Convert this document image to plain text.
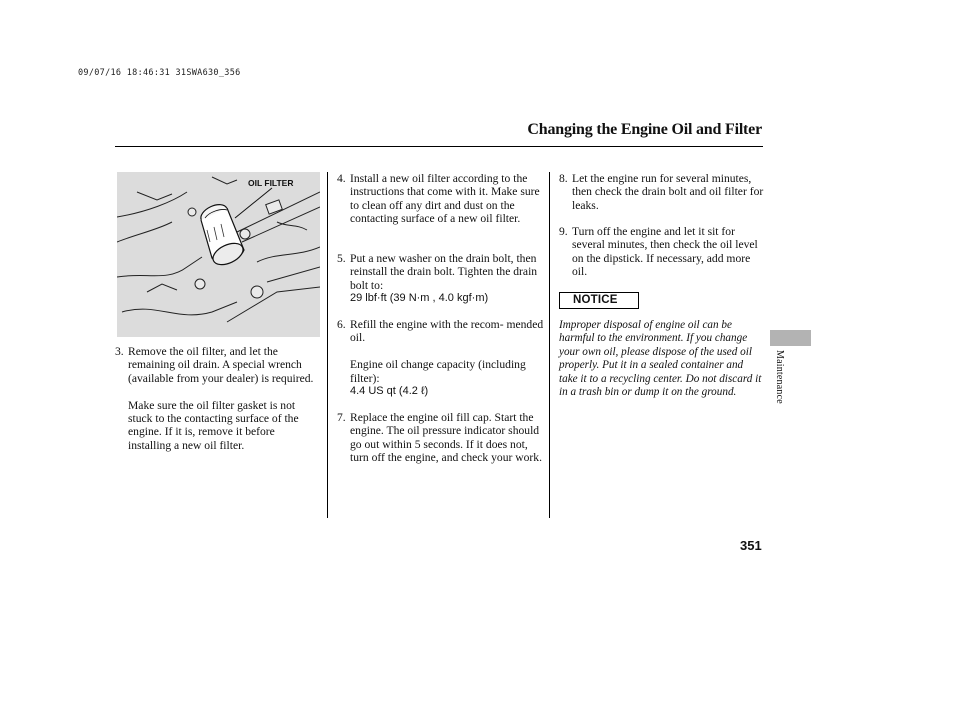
09/07/16 18:46:31 31SWA630_356
Changing the Engine Oil and Filter
OIL FILTER
3. Remove the oil filter, and let the remaining oil drain. A special wrench (available from your dealer) is required.

Make sure the oil filter gasket is not stuck to the contacting surface of the engine. If it is, remove it before installing a new oil filter.

4. Install a new oil filter according to the instructions that come with it. Make sure to clean off any dirt and dust on the contacting surface of a new oil filter.

5. Put a new washer on the drain bolt, then reinstall the drain bolt. Tighten the drain bolt to:

29 lbf·ft (39 N·m , 4.0 kgf·m)

6. Refill the engine with the recom- mended oil.

Engine oil change capacity (including filter):

4.4 US qt (4.2 ℓ)

7. Replace the engine oil fill cap. Start the engine. The oil pressure indicator should go out within 5 seconds. If it does not, turn off the engine, and check your work.

8. Let the engine run for several minutes, then check the drain bolt and oil filter for leaks.

9. Turn off the engine and let it sit for several minutes, then check the oil level on the dipstick. If necessary, add more oil.

NOTICE
Improper disposal of engine oil can be harmful to the environment. If you change your own oil, please dispose of the used oil properly. Put it in a sealed container and take it to a recycling center. Do not discard it in a trash bin or dump it on the ground.	Maintenance
351
